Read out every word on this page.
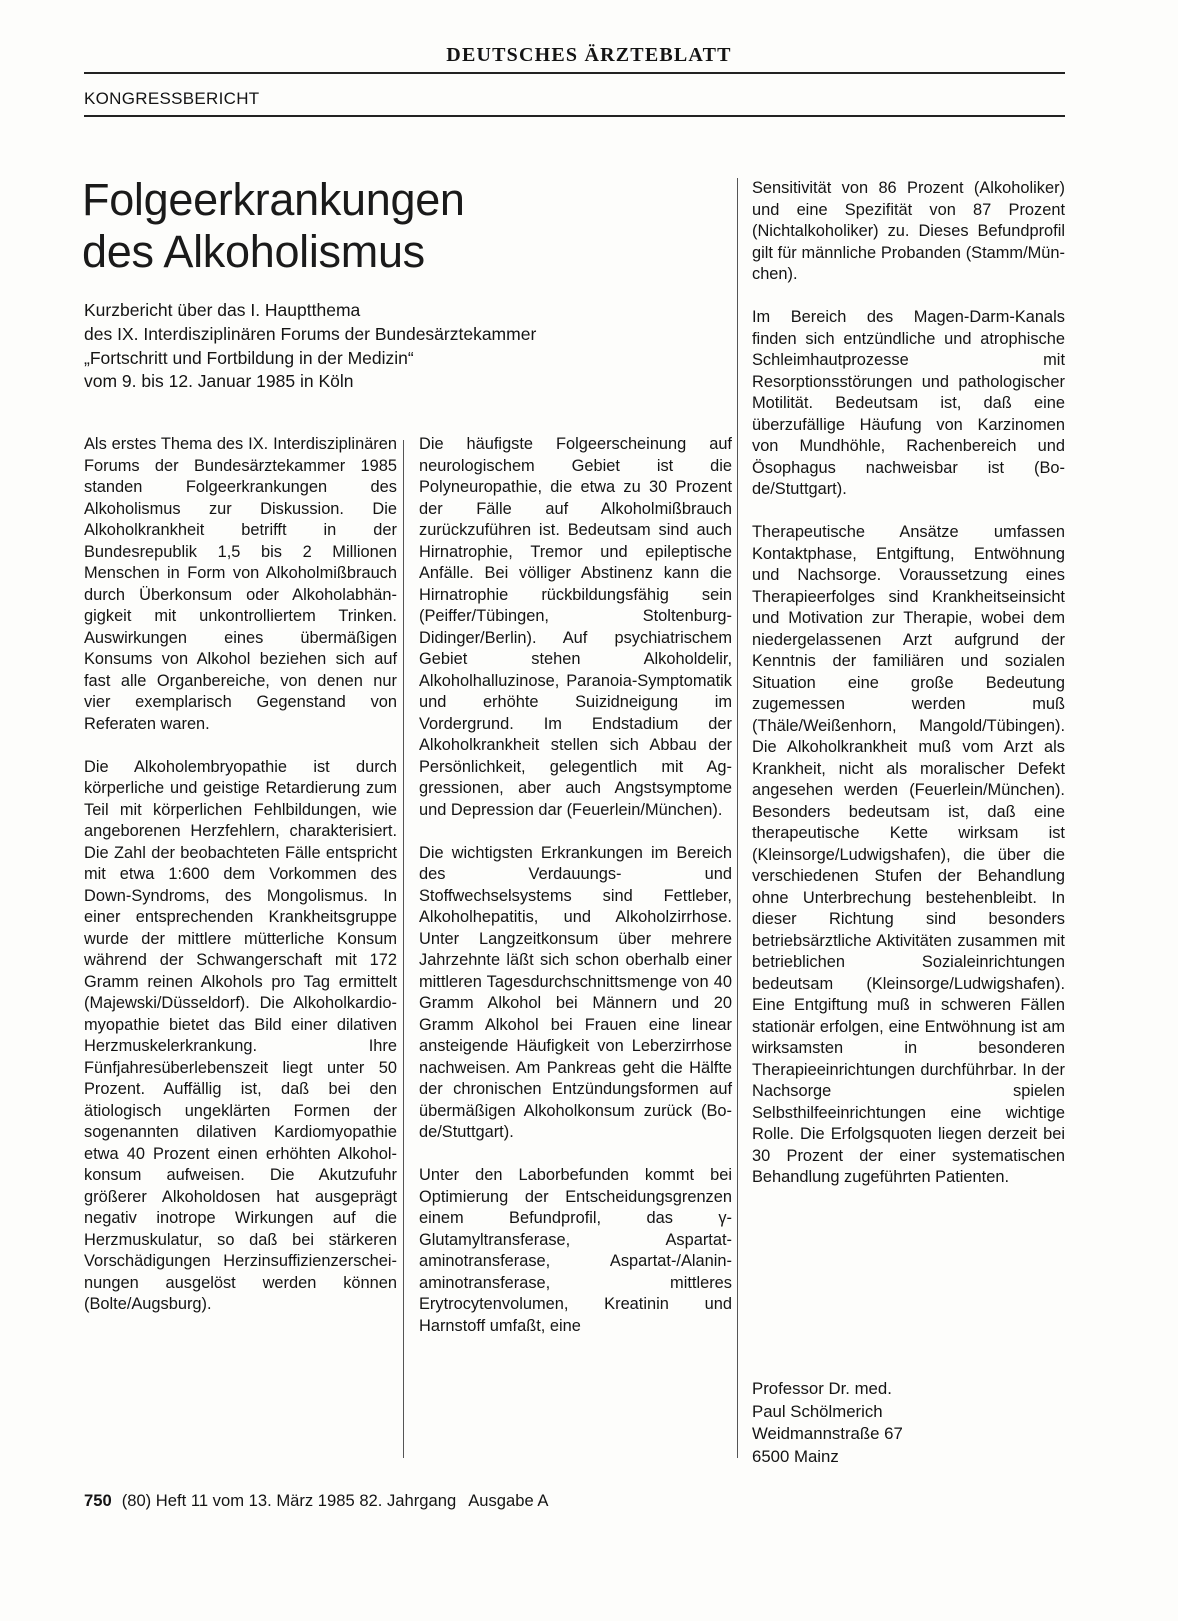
DEUTSCHES ÄRZTEBLATT
KONGRESSBERICHT
Folgeerkrankungen
des Alkoholismus
Kurzbericht über das I. Hauptthema
des IX. Interdisziplinären Forums der Bundesärztekammer
„Fortschritt und Fortbildung in der Medizin“
vom 9. bis 12. Januar 1985 in Köln

Als erstes Thema des IX. Interdisziplinären Forums der Bundesärztekammer 1985 standen Folgeerkrankungen des Alkoholismus zur Diskussion. Die Alkoholkrankheit betrifft in der Bundesrepublik 1,5 bis 2 Millionen Menschen in Form von Alkoholmißbrauch durch Überkonsum oder Alkoholabhängigkeit mit unkontrolliertem Trinken. Auswirkungen eines übermäßigen Konsums von Alkohol beziehen sich auf fast alle Organbereiche, von denen nur vier exemplarisch Gegenstand von Referaten waren.

Die Alkoholembryopathie ist durch körperliche und geistige Retardierung zum Teil mit körperlichen Fehlbildungen, wie angeborenen Herzfehlern, charakterisiert. Die Zahl der beobachteten Fälle entspricht mit etwa 1:600 dem Vorkommen des Down-Syndroms, des Mongolismus. In einer entsprechenden Krankheitsgruppe wurde der mittlere mütterliche Konsum während der Schwangerschaft mit 172 Gramm reinen Alkohols pro Tag ermittelt (Majewski/Düsseldorf). Die Alkoholkardiomyopathie bietet das Bild einer dilativen Herzmuskelerkrankung. Ihre Fünfjahresüberlebenszeit liegt unter 50 Prozent. Auffällig ist, daß bei den ätiologisch ungeklärten Formen der sogenannten dilativen Kardiomyopathie etwa 40 Prozent einen erhöhten Alkoholkonsum aufweisen. Die Akutzufuhr größerer Alkoholdosen hat ausgeprägt negativ inotrope Wirkungen auf die Herzmuskulatur, so daß bei stärkeren Vorschädigungen Herzinsuffizienzerscheinungen ausgelöst werden können (Bolte/Augsburg).

Die häufigste Folgeerscheinung auf neurologischem Gebiet ist die Polyneuropathie, die etwa zu 30 Prozent der Fälle auf Alkoholmißbrauch zurückzuführen ist. Bedeutsam sind auch Hirnatrophie, Tremor und epileptische Anfälle. Bei völliger Abstinenz kann die Hirnatrophie rückbildungsfähig sein (Peiffer/Tübingen, Stoltenburg-Didinger/Berlin). Auf psychiatrischem Gebiet stehen Alkoholdelir, Alkoholhalluzinose, Paranoia-Symptomatik und erhöhte Suizidneigung im Vordergrund. Im Endstadium der Alkoholkrankheit stellen sich Abbau der Persönlichkeit, gelegentlich mit Aggressionen, aber auch Angstsymptome und Depression dar (Feuerlein/München).

Die wichtigsten Erkrankungen im Bereich des Verdauungs- und Stoffwechselsystems sind Fettleber, Alkoholhepatitis, und Alkoholzirrhose. Unter Langzeitkonsum über mehrere Jahrzehnte läßt sich schon oberhalb einer mittleren Tagesdurchschnittsmenge von 40 Gramm Alkohol bei Männern und 20 Gramm Alkohol bei Frauen eine linear ansteigende Häufigkeit von Leberzirrhose nachweisen. Am Pankreas geht die Hälfte der chronischen Entzündungsformen auf übermäßigen Alkoholkonsum zurück (Bode/Stuttgart).

Unter den Laborbefunden kommt bei Optimierung der Entscheidungsgrenzen einem Befundprofil, das γ- Glutamyltransferase, Aspartat-aminotransferase, Aspartat-/Alanin-aminotransferase, mittleres Erytrocytenvolumen, Kreatinin und Harnstoff umfaßt, eine

Sensitivität von 86 Prozent (Alkoholiker) und eine Spezifität von 87 Prozent (Nichtalkoholiker) zu. Dieses Befundprofil gilt für männliche Probanden (Stamm/München).

Im Bereich des Magen-Darm-Kanals finden sich entzündliche und atrophische Schleimhautprozesse mit Resorptionsstörungen und pathologischer Motilität. Bedeutsam ist, daß eine überzufällige Häufung von Karzinomen von Mundhöhle, Rachenbereich und Ösophagus nachweisbar ist (Bode/Stuttgart).

Therapeutische Ansätze umfassen Kontaktphase, Entgiftung, Entwöhnung und Nachsorge. Voraussetzung eines Therapieerfolges sind Krankheitseinsicht und Motivation zur Therapie, wobei dem niedergelassenen Arzt aufgrund der Kenntnis der familiären und sozialen Situation eine große Bedeutung zugemessen werden muß (Thäle/Weißenhorn, Mangold/Tübingen). Die Alkoholkrankheit muß vom Arzt als Krankheit, nicht als moralischer Defekt angesehen werden (Feuerlein/München). Besonders bedeutsam ist, daß eine therapeutische Kette wirksam ist (Kleinsorge/Ludwigshafen), die über die verschiedenen Stufen der Behandlung ohne Unterbrechung bestehenbleibt. In dieser Richtung sind besonders betriebsärztliche Aktivitäten zusammen mit betrieblichen Sozialeinrichtungen bedeutsam (Kleinsorge/Ludwigshafen). Eine Entgiftung muß in schweren Fällen stationär erfolgen, eine Entwöhnung ist am wirksamsten in besonderen Therapieeinrichtungen durchführbar. In der Nachsorge spielen Selbsthilfeeinrichtungen eine wichtige Rolle. Die Erfolgsquoten liegen derzeit bei 30 Prozent der einer systematischen Behandlung zugeführten Patienten.

Professor Dr. med.
Paul Schölmerich
Weidmannstraße 67
6500 Mainz
750 (80) Heft 11 vom 13. März 1985 82. Jahrgang Ausgabe A
